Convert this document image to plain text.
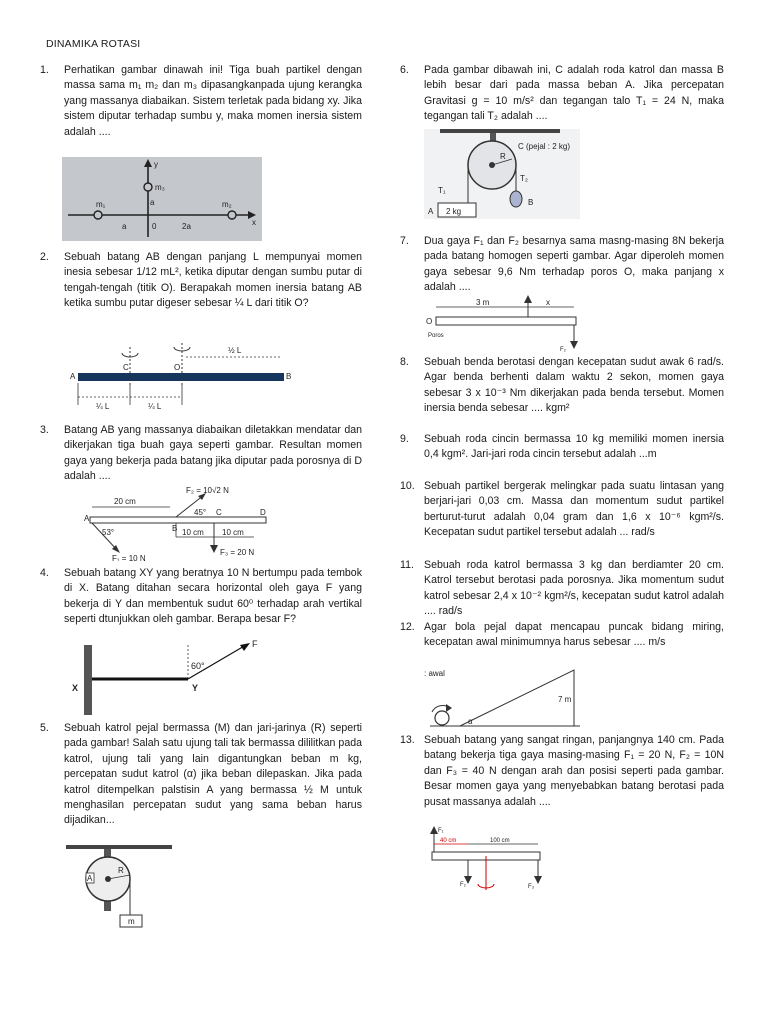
DINAMIKA ROTASI
1. Perhatikan gambar dinawah ini! Tiga buah partikel dengan massa sama m₁ m₂ dan m₃ dipasangkanpada ujung kerangka yang massanya diabaikan. Sistem terletak pada bidang xy. Jika sistem diputar terhadap sumbu y, maka momen inersia sistem adalah ....
m₁	m₂
m₃
x
y
a
a	0	2a
2. Sebuah batang AB dengan panjang L mempunyai momen inesia sebesar 1/12 mL², ketika diputar dengan sumbu putar di tengah-tengah (titik O). Berapakah momen inersia batang AB ketika sumbu putar digeser sebesar ¼ L dari titik O?
A	B
C	O
½ L
¼ L	¼ L
3. Batang AB yang massanya diabaikan diletakkan mendatar dan dikerjakan tiga buah gaya seperti gambar. Resultan momen gaya yang bekerja pada batang jika diputar pada porosnya di D adalah ....
20 cm
F₂ = 10√2 N
45°
53°
A
B
C	D
10 cm 10 cm
F₁ = 10 N
F₃ = 20 N
4. Sebuah batang XY yang beratnya 10 N bertumpu pada tembok di X. Batang ditahan secara horizontal oleh gaya F yang bekerja di Y dan membentuk sudut 60⁰ terhadap arah vertikal seperti dtunjukkan oleh gambar. Berapa besar F?
F
60°
X	Y
5. Sebuah katrol pejal bermassa (M) dan jari-jarinya (R) seperti pada gambar! Salah satu ujung tali tak bermassa dililitkan pada katrol, ujung tali yang lain digantungkan beban m kg, percepatan sudut katrol (α) jika beban dilepaskan. Jika pada katrol ditempelkan palstisin A yang bermassa ½ M untuk menghasilan percepatan sudut yang sama beban harus dijadikan...
A
R
m
6. Pada gambar dibawah ini, C adalah roda katrol dan massa B lebih besar dari pada massa beban A. Jika percepatan Gravitasi g = 10 m/s² dan tegangan talo T₁ = 24 N, maka tegangan tali T₂ adalah ....
C (pejal : 2 kg)
R
T₁
T₂
A 2 kg
B
7. Dua gaya F₁ dan F₂ besarnya sama masng-masing 8N bekerja pada batang homogen seperti gambar. Agar diperoleh momen gaya sebesar 9,6 Nm terhadap poros O, maka panjang x adalah ....
3 m	x
O
Poros
F₂
8. Sebuah benda berotasi dengan kecepatan sudut awak 6 rad/s. Agar benda berhenti dalam waktu 2 sekon, momen gaya sebesar 3 x 10⁻³ Nm dikerjakan pada benda tersebut. Momen inersia benda sebesar .... kgm²
9. Sebuah roda cincin bermassa 10 kg memiliki momen inersia 0,4 kgm². Jari-jari roda cincin tersebut adalah ...m
10. Sebuah partikel bergerak melingkar pada suatu lintasan yang berjari-jari 0,03 cm. Massa dan momentum sudut partikel berturut-turut adalah 0,04 gram dan 1,6 x 10⁻⁶ kgm²/s. Kecepatan sudut partikel tersebut adalah ... rad/s
11. Sebuah roda katrol bermassa 3 kg dan berdiamter 20 cm. Katrol tersebut berotasi pada porosnya. Jika momentum sudut katrol sebesar 2,4 x 10⁻² kgm²/s, kecepatan sudut katrol adalah .... rad/s
12. Agar bola pejal dapat mencapau puncak bidang miring, kecepatan awal minimumnya harus sebesar .... m/s
: awal
7 m
α
13. Sebuah batang yang sangat ringan, panjangnya 140 cm. Pada batang bekerja tiga gaya masing-masing F₁ = 20 N, F₂ = 10N dan F₃ = 40 N dengan arah dan posisi seperti pada gambar. Besar momen gaya yang menyebabkan batang berotasi pada pusat massanya adalah ....
F₁
40 cm	100 cm
F₂	F₃
